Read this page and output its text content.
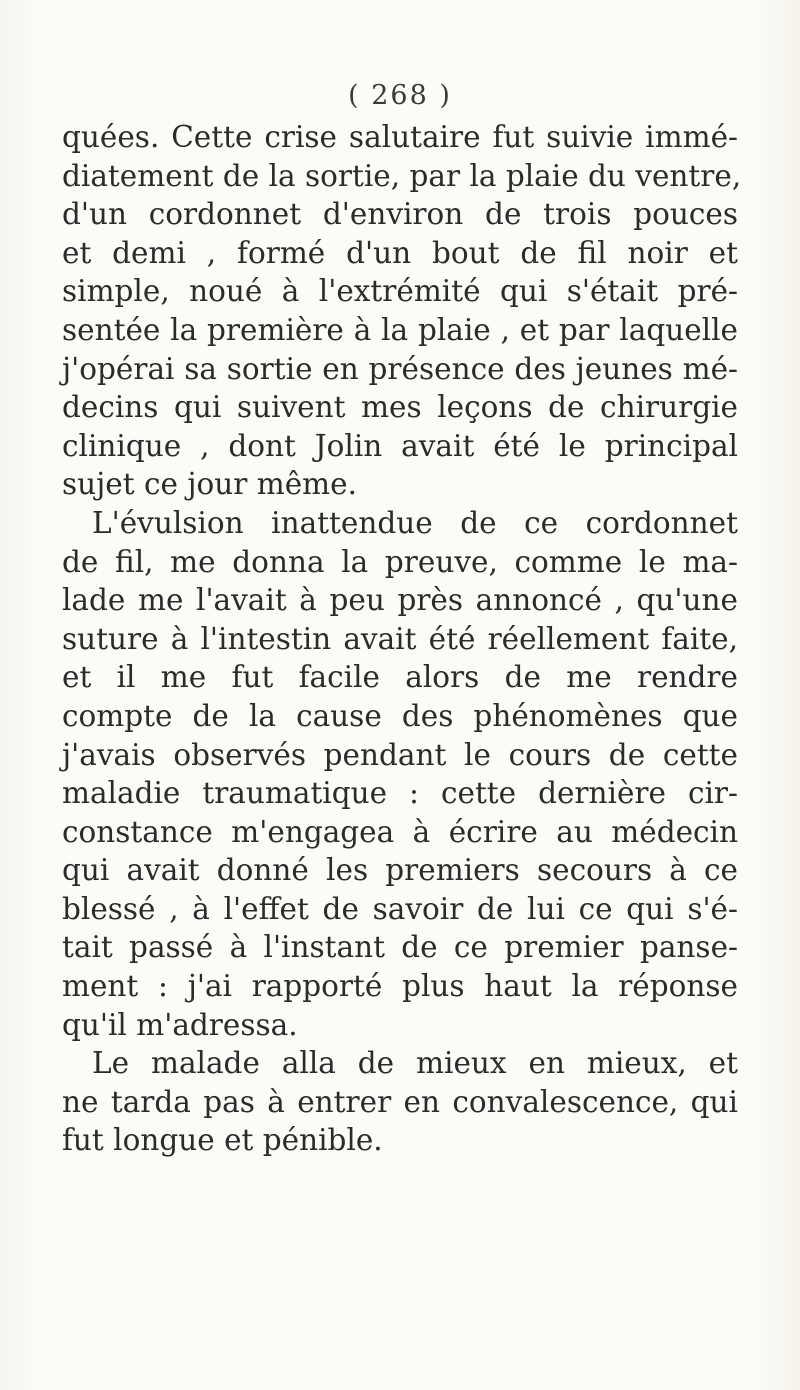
( 268 )
quées. Cette crise salutaire fut suivie immé-
diatement de la sortie, par la plaie du ventre,
d'un cordonnet d'environ de trois pouces
et demi , formé d'un bout de fil noir et
simple, noué à l'extrémité qui s'était pré-
sentée la première à la plaie , et par laquelle
j'opérai sa sortie en présence des jeunes mé-
decins qui suivent mes leçons de chirurgie
clinique , dont Jolin avait été le principal
sujet ce jour même.
L'évulsion inattendue de ce cordonnet
de fil, me donna la preuve, comme le ma-
lade me l'avait à peu près annoncé , qu'une
suture à l'intestin avait été réellement faite,
et il me fut facile alors de me rendre
compte de la cause des phénomènes que
j'avais observés pendant le cours de cette
maladie traumatique : cette dernière cir-
constance m'engagea à écrire au médecin
qui avait donné les premiers secours à ce
blessé , à l'effet de savoir de lui ce qui s'é-
tait passé à l'instant de ce premier panse-
ment : j'ai rapporté plus haut la réponse
qu'il m'adressa.
Le malade alla de mieux en mieux, et
ne tarda pas à entrer en convalescence, qui
fut longue et pénible.
